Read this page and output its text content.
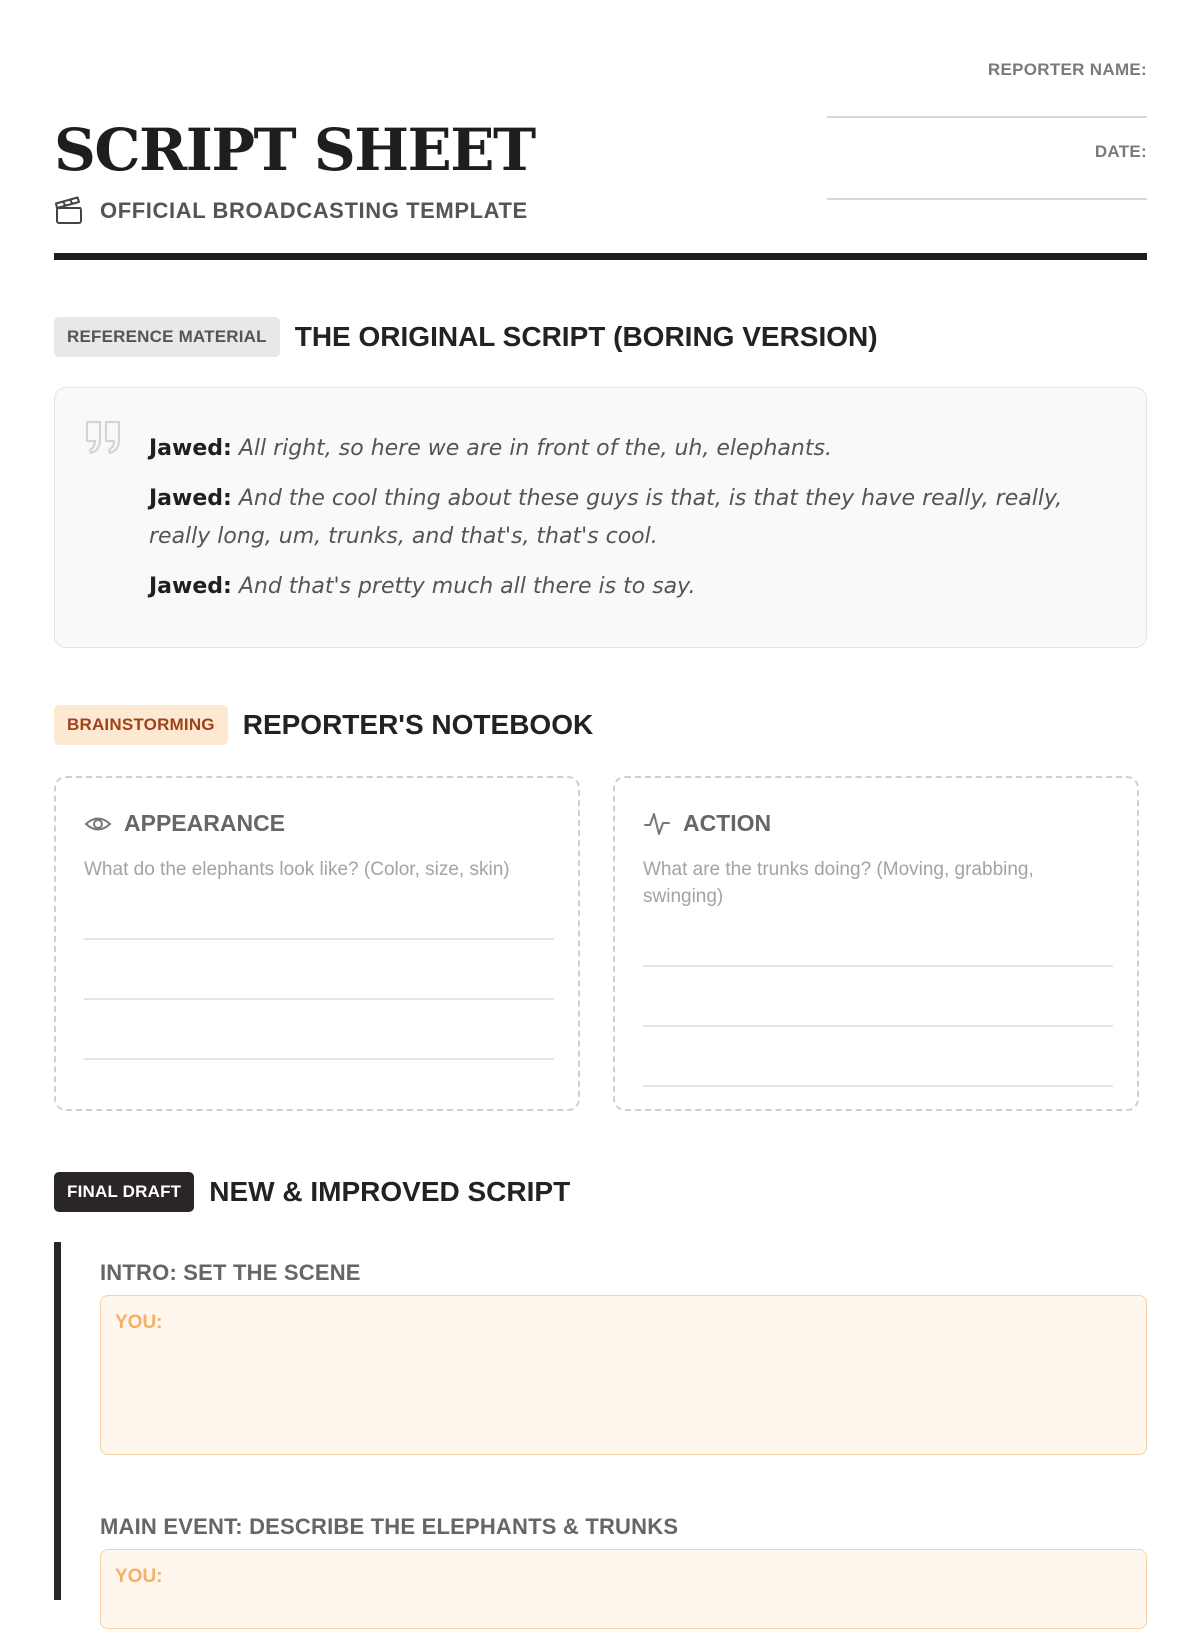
SCRIPT SHEET
OFFICIAL BROADCASTING TEMPLATE
REPORTER NAME:
DATE:
REFERENCE MATERIAL	THE ORIGINAL SCRIPT (BORING VERSION)

Jawed: All right, so here we are in front of the, uh, elephants.

Jawed: And the cool thing about these guys is that, is that they have really, really, really long, um, trunks, and that's, that's cool.

Jawed: And that's pretty much all there is to say.

BRAINSTORMING	REPORTER'S NOTEBOOK
APPEARANCE
What do the elephants look like? (Color, size, skin)
ACTION
What are the trunks doing? (Moving, grabbing, swinging)
FINAL DRAFT	NEW & IMPROVED SCRIPT
INTRO: SET THE SCENE
YOU:
MAIN EVENT: DESCRIBE THE ELEPHANTS & TRUNKS
YOU:
